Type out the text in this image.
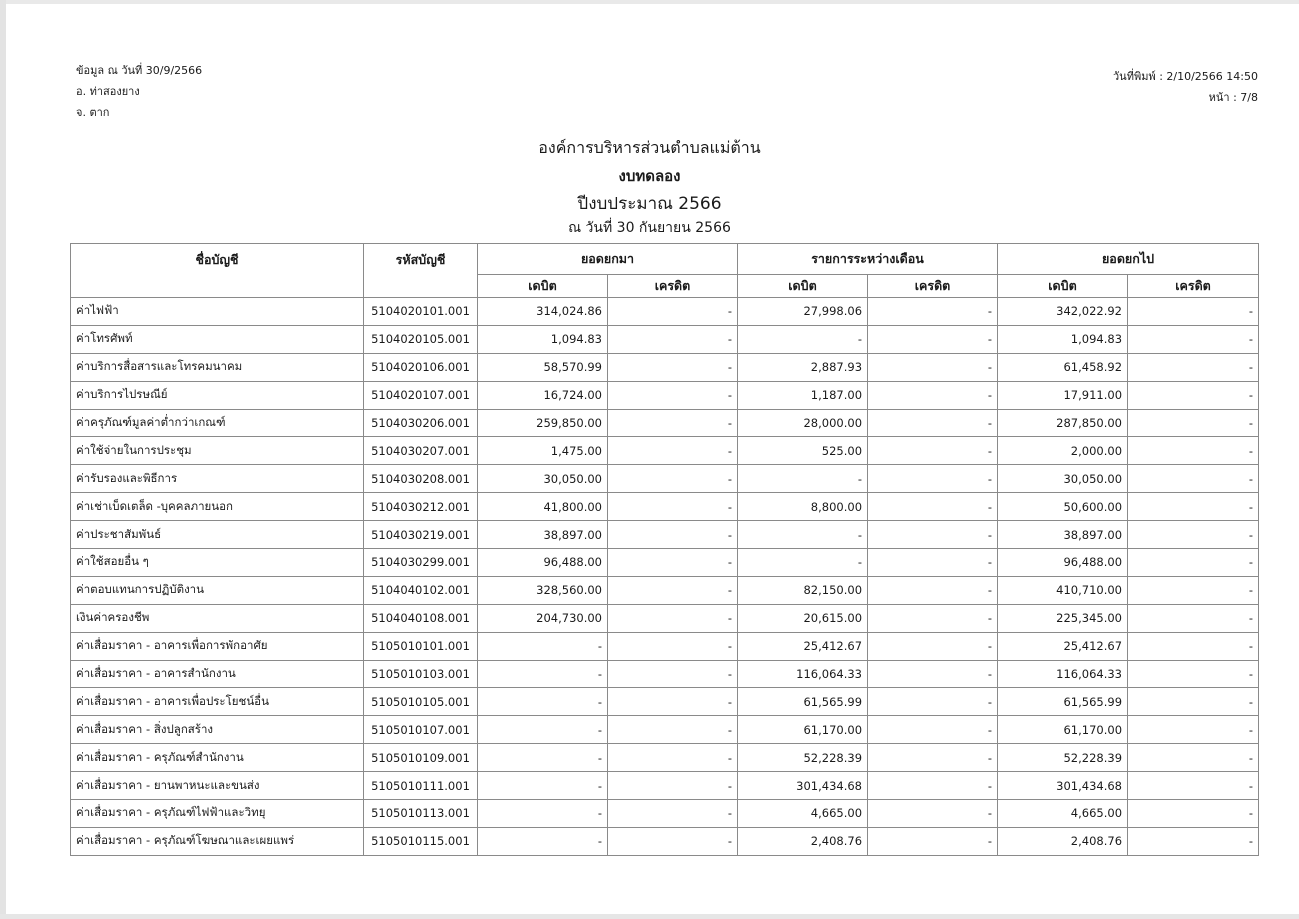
ข้อมูล ณ วันที่ 30/9/2566
อ. ท่าสองยาง
จ. ตาก
วันที่พิมพ์ : 2/10/2566 14:50
หน้า : 7/8
องค์การบริหารส่วนตำบลแม่ต้าน
งบทดลอง
ปีงบประมาณ 2566
ณ วันที่ 30 กันยายน 2566
ชื่อบัญชี	รหัสบัญชี	ยอดยกมา		รายการระหว่างเดือน		ยอดยกไป	
		เดบิต	เครดิต	เดบิต	เครดิต	เดบิต	เครดิต
ค่าไฟฟ้า	5104020101.001	314,024.86	-	27,998.06	-	342,022.92	-
ค่าโทรศัพท์	5104020105.001	1,094.83	-	-	-	1,094.83	-
ค่าบริการสื่อสารและโทรคมนาคม	5104020106.001	58,570.99	-	2,887.93	-	61,458.92	-
ค่าบริการไปรษณีย์	5104020107.001	16,724.00	-	1,187.00	-	17,911.00	-
ค่าครุภัณฑ์มูลค่าต่ำกว่าเกณฑ์	5104030206.001	259,850.00	-	28,000.00	-	287,850.00	-
ค่าใช้จ่ายในการประชุม	5104030207.001	1,475.00	-	525.00	-	2,000.00	-
ค่ารับรองและพิธีการ	5104030208.001	30,050.00	-	-	-	30,050.00	-
ค่าเช่าเบ็ดเตล็ด -บุคคลภายนอก	5104030212.001	41,800.00	-	8,800.00	-	50,600.00	-
ค่าประชาสัมพันธ์	5104030219.001	38,897.00	-	-	-	38,897.00	-
ค่าใช้สอยอื่น ๆ	5104030299.001	96,488.00	-	-	-	96,488.00	-
ค่าตอบแทนการปฏิบัติงาน	5104040102.001	328,560.00	-	82,150.00	-	410,710.00	-
เงินค่าครองชีพ	5104040108.001	204,730.00	-	20,615.00	-	225,345.00	-
ค่าเสื่อมราคา - อาคารเพื่อการพักอาศัย	5105010101.001	-	-	25,412.67	-	25,412.67	-
ค่าเสื่อมราคา - อาคารสำนักงาน	5105010103.001	-	-	116,064.33	-	116,064.33	-
ค่าเสื่อมราคา - อาคารเพื่อประโยชน์อื่น	5105010105.001	-	-	61,565.99	-	61,565.99	-
ค่าเสื่อมราคา - สิ่งปลูกสร้าง	5105010107.001	-	-	61,170.00	-	61,170.00	-
ค่าเสื่อมราคา - ครุภัณฑ์สำนักงาน	5105010109.001	-	-	52,228.39	-	52,228.39	-
ค่าเสื่อมราคา - ยานพาหนะและขนส่ง	5105010111.001	-	-	301,434.68	-	301,434.68	-
ค่าเสื่อมราคา - ครุภัณฑ์ไฟฟ้าและวิทยุ	5105010113.001	-	-	4,665.00	-	4,665.00	-
ค่าเสื่อมราคา - ครุภัณฑ์โฆษณาและเผยแพร่	5105010115.001	-	-	2,408.76	-	2,408.76	-
